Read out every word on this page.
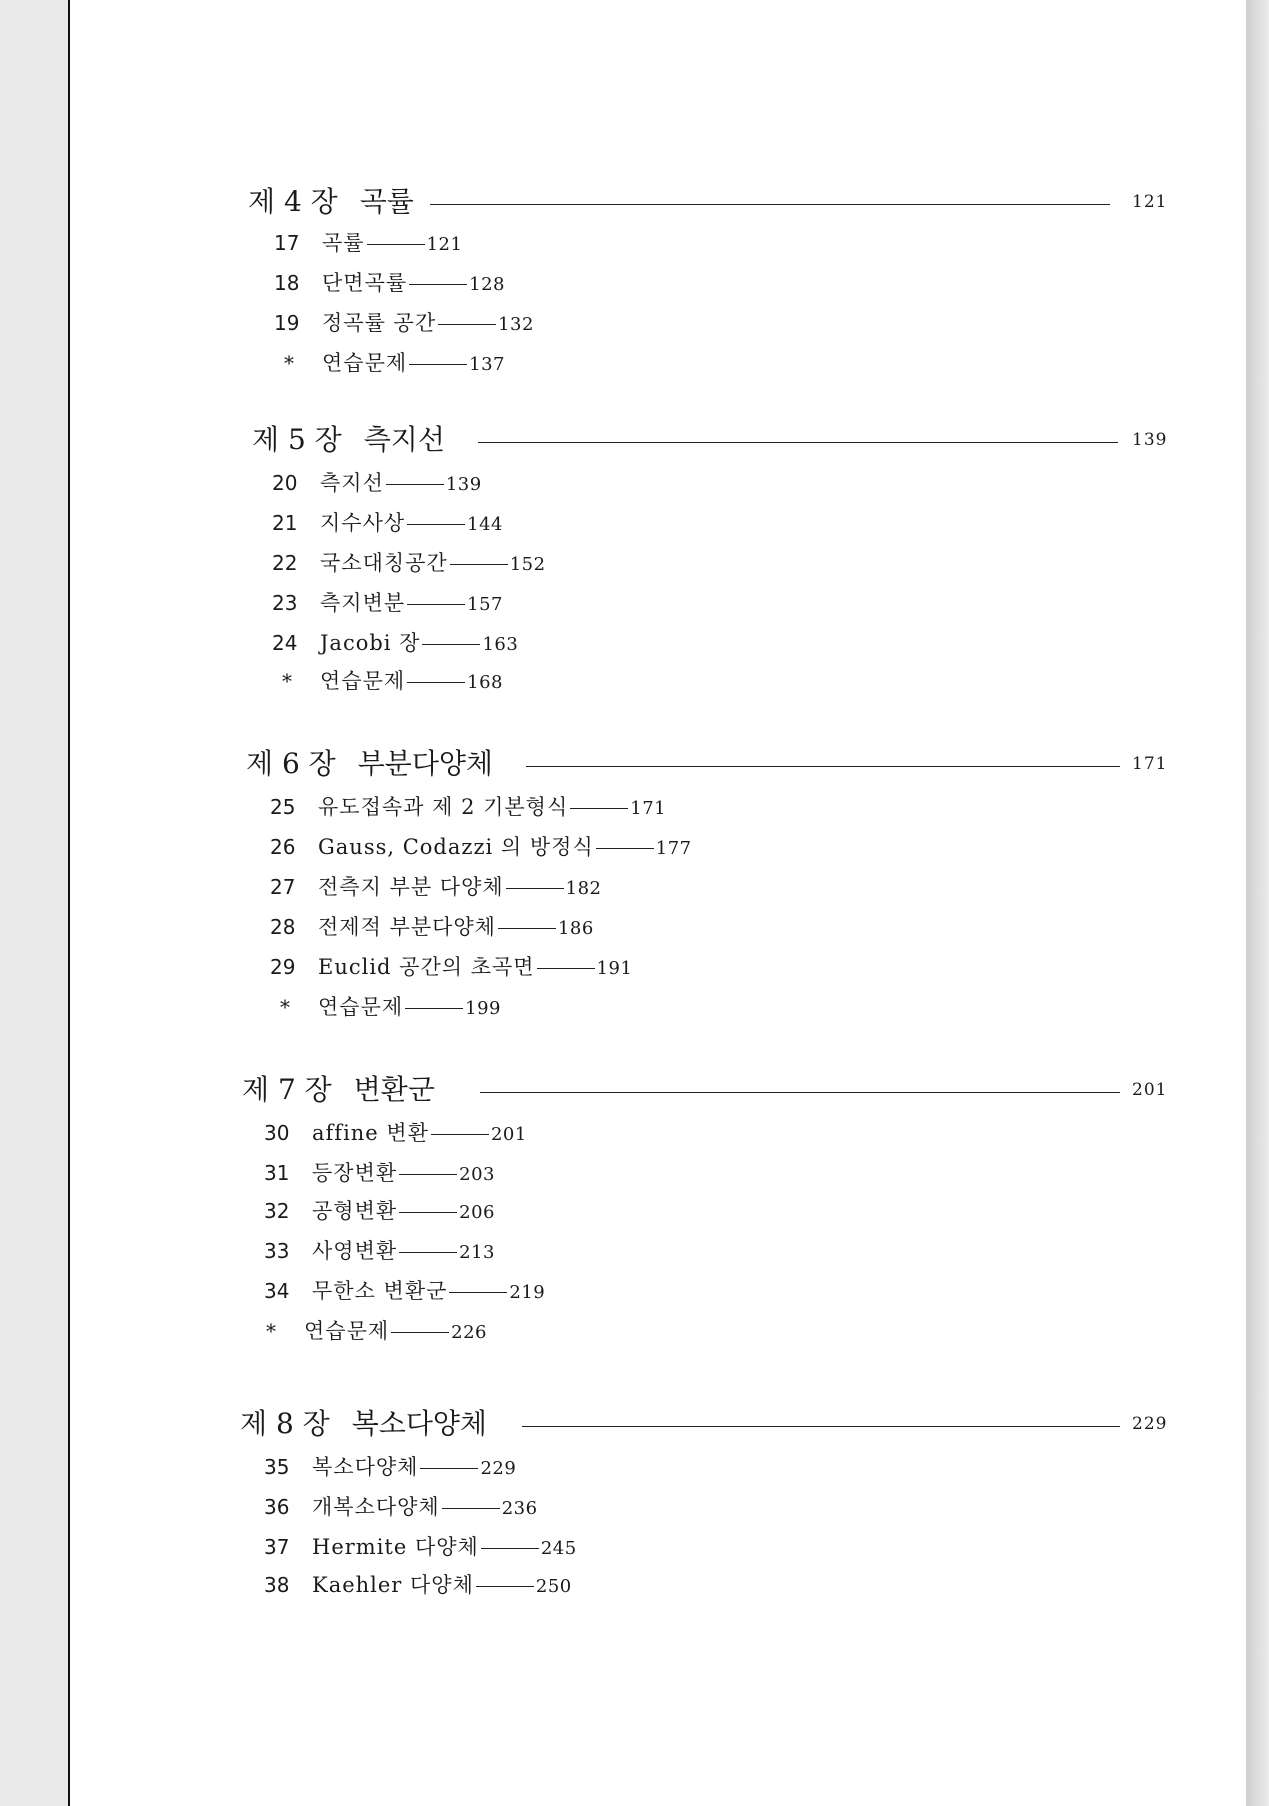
제 4 장 곡률	121
17 곡률	121
18 단면곡률	128
19 정곡률 공간	132
* 연습문제	137
제 5 장 측지선	139
20 측지선	139
21 지수사상	144
22 국소대칭공간	152
23 측지변분	157
24 Jacobi 장	163
* 연습문제	168
제 6 장 부분다양체	171
25 유도접속과 제 2 기본형식	171
26 Gauss, Codazzi 의 방정식	177
27 전측지 부분 다양체	182
28 전제적 부분다양체	186
29 Euclid 공간의 초곡면	191
* 연습문제	199
제 7 장 변환군	201
30 affine 변환	201
31 등장변환	203
32 공형변환	206
33 사영변환	213
34 무한소 변환군	219
* 연습문제	226
제 8 장 복소다양체	229
35 복소다양체	229
36 개복소다양체	236
37 Hermite 다양체	245
38 Kaehler 다양체	250
